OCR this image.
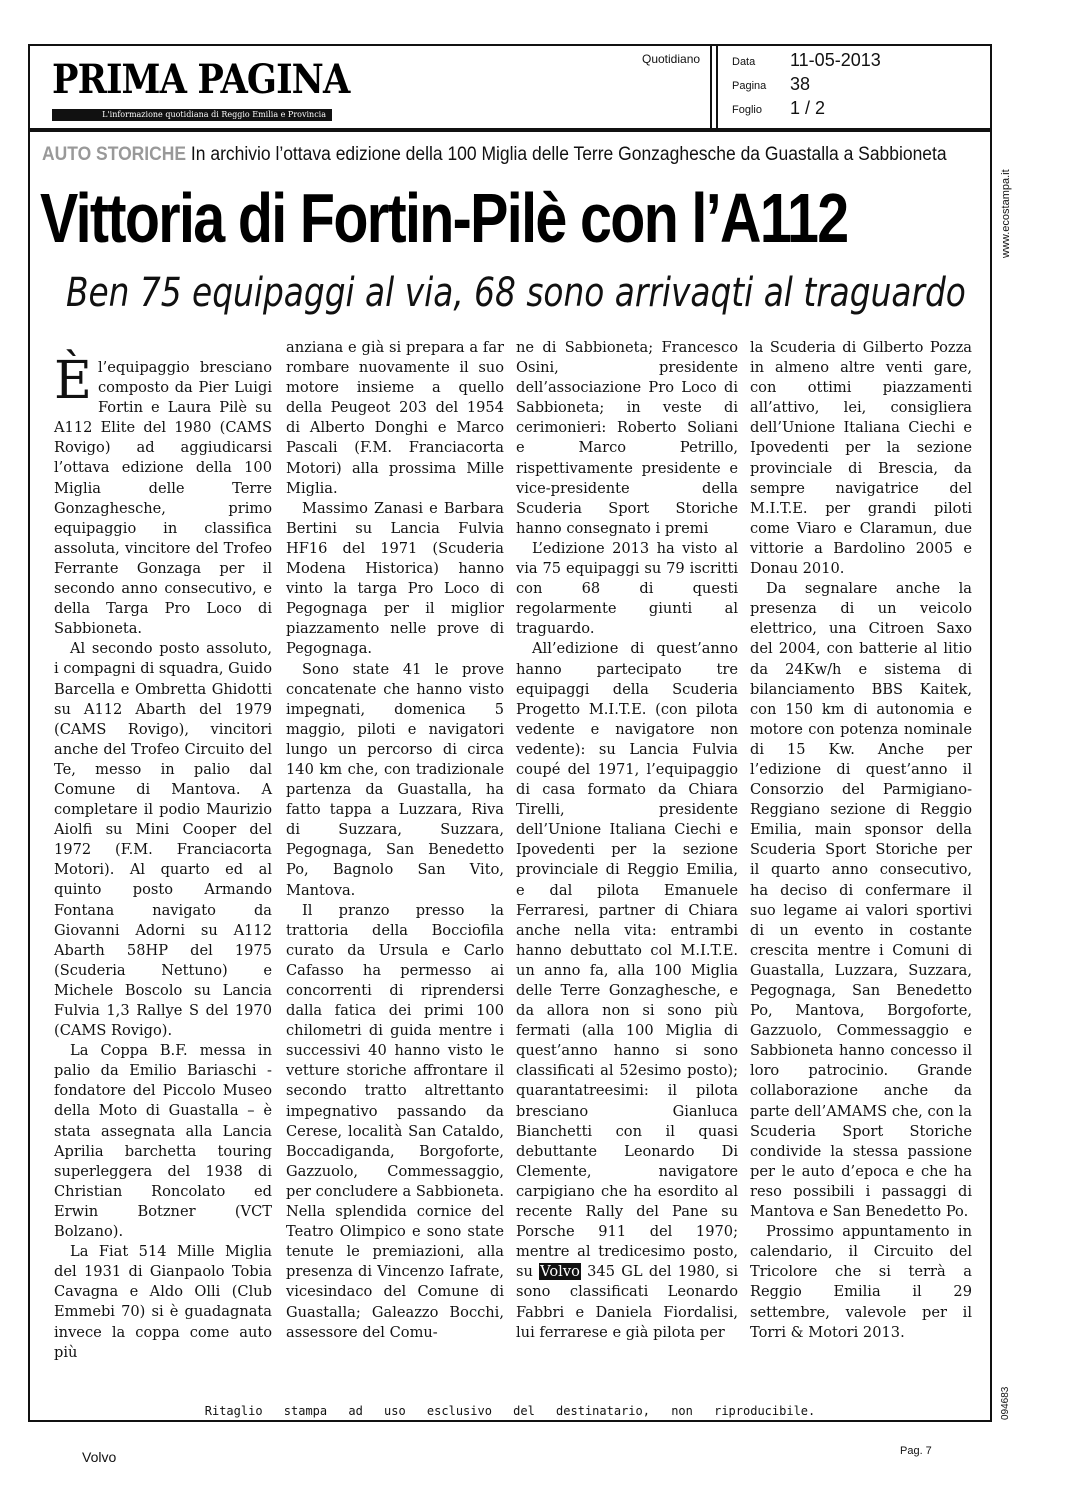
PRIMA PAGINA
L'informazione quotidiana di Reggio Emilia e Provincia
Quotidiano	Data 11-05-2013
Pagina 38
Foglio 1 / 2
AUTO STORICHE In archivio l’ottava edizione della 100 Miglia delle Terre Gonzaghesche da Guastalla a Sabbioneta
Vittoria di Fortin-Pilè con l’A112
Ben 75 equipaggi al via, 68 sono arrivaqti al traguardo

Èl’equipaggio bresciano composto da Pier Luigi Fortin e Laura Pilè su A112 Elite del 1980 (CAMS Rovigo) ad aggiudicarsi l’ottava edizione della 100 Miglia delle Terre Gonzaghesche, primo equipaggio in classifica assoluta, vincitore del Trofeo Ferrante Gonzaga per il secondo anno consecutivo, e della Targa Pro Loco di Sabbioneta.

Al secondo posto assoluto, i compagni di squadra, Guido Barcella e Ombretta Ghidotti su A112 Abarth del 1979 (CAMS Rovigo), vincitori anche del Trofeo Circuito del Te, messo in palio dal Comune di Mantova. A completare il podio Maurizio Aiolfi su Mini Cooper del 1972 (F.M. Franciacorta Motori). Al quarto ed al quinto posto Armando Fontana navigato da Giovanni Adorni su A112 Abarth 58HP del 1975 (Scuderia Nettuno) e Michele Boscolo su Lancia Fulvia 1,3 Rallye S del 1970 (CAMS Rovigo).

La Coppa B.F. messa in palio da Emilio Bariaschi - fondatore del Piccolo Museo della Moto di Guastalla – è stata assegnata alla Lancia Aprilia barchetta touring superleggera del 1938 di Christian Roncolato ed Erwin Botzner (VCT Bolzano).

La Fiat 514 Mille Miglia del 1931 di Gianpaolo Tobia Cavagna e Aldo Olli (Club Emmebi 70) si è guadagnata invece la coppa come auto più

anziana e già si prepara a far rombare nuovamente il suo motore insieme a quello della Peugeot 203 del 1954 di Alberto Donghi e Marco Pascali (F.M. Franciacorta Motori) alla prossima Mille Miglia.

Massimo Zanasi e Barbara Bertini su Lancia Fulvia HF16 del 1971 (Scuderia Modena Historica) hanno vinto la targa Pro Loco di Pegognaga per il miglior piazzamento nelle prove di Pegognaga.

Sono state 41 le prove concatenate che hanno visto impegnati, domenica 5 maggio, piloti e navigatori lungo un percorso di circa 140 km che, con tradizionale partenza da Guastalla, ha fatto tappa a Luzzara, Riva di Suzzara, Suzzara, Pegognaga, San Benedetto Po, Bagnolo San Vito, Mantova.

Il pranzo presso la trattoria della Bocciofila curato da Ursula e Carlo Cafasso ha permesso ai concorrenti di riprendersi dalla fatica dei primi 100 chilometri di guida mentre i successivi 40 hanno visto le vetture storiche affrontare il secondo tratto altrettanto impegnativo passando da Cerese, località San Cataldo, Boccadiganda, Borgoforte, Gazzuolo, Commessaggio, per concludere a Sabbioneta. Nella splendida cornice del Teatro Olimpico e sono state tenute le premiazioni, alla presenza di Vincenzo Iafrate, vicesindaco del Comune di Guastalla; Galeazzo Bocchi, assessore del Comu-

ne di Sabbioneta; Francesco Osini, presidente dell’associazione Pro Loco di Sabbioneta; in veste di cerimonieri: Roberto Soliani e Marco Petrillo, rispettivamente presidente e vice-presidente della Scuderia Sport Storiche hanno consegnato i premi

L’edizione 2013 ha visto al via 75 equipaggi su 79 iscritti con 68 di questi regolarmente giunti al traguardo.

All’edizione di quest’anno hanno partecipato tre equipaggi della Scuderia Progetto M.I.T.E. (con pilota vedente e navigatore non vedente): su Lancia Fulvia coupé del 1971, l’equipaggio di casa formato da Chiara Tirelli, presidente dell’Unione Italiana Ciechi e Ipovedenti per la sezione provinciale di Reggio Emilia, e dal pilota Emanuele Ferraresi, partner di Chiara anche nella vita: entrambi hanno debuttato col M.I.T.E. un anno fa, alla 100 Miglia delle Terre Gonzaghesche, e da allora non si sono più fermati (alla 100 Miglia di quest’anno hanno si sono classificati al 52esimo posto); quarantatreesimi: il pilota bresciano Gianluca Bianchetti con il quasi debuttante Leonardo Di Clemente, navigatore carpigiano che ha esordito al recente Rally del Pane su Porsche 911 del 1970; mentre al tredicesimo posto, su Volvo 345 GL del 1980, si sono classificati Leonardo Fabbri e Daniela Fiordalisi, lui ferrarese e già pilota per

la Scuderia di Gilberto Pozza in almeno altre venti gare, con ottimi piazzamenti all’attivo, lei, consigliera dell’Unione Italiana Ciechi e Ipovedenti per la sezione provinciale di Brescia, da sempre navigatrice del M.I.T.E. per grandi piloti come Viaro e Claramun, due vittorie a Bardolino 2005 e Donau 2010.

Da segnalare anche la presenza di un veicolo elettrico, una Citroen Saxo del 2004, con batterie al litio da 24Kw/h e sistema di bilanciamento BBS Kaitek, con 150 km di autonomia e motore con potenza nominale di 15 Kw. Anche per l’edizione di quest’anno il Consorzio del Parmigiano-Reggiano sezione di Reggio Emilia, main sponsor della Scuderia Sport Storiche per il quarto anno consecutivo, ha deciso di confermare il suo legame ai valori sportivi di un evento in costante crescita mentre i Comuni di Guastalla, Luzzara, Suzzara, Pegognaga, San Benedetto Po, Mantova, Borgoforte, Gazzuolo, Commessaggio e Sabbioneta hanno concesso il loro patrocinio. Grande collaborazione anche da parte dell’AMAMS che, con la Scuderia Sport Storiche condivide la stessa passione per le auto d’epoca e che ha reso possibili i passaggi di Mantova e San Benedetto Po.

Prossimo appuntamento in calendario, il Circuito del Tricolore che si terrà a Reggio Emilia il 29 settembre, valevole per il Torri & Motori 2013.

www.ecostampa.it
094683
Ritaglio stampa ad uso esclusivo del destinatario, non riproducibile.
Volvo	Pag. 7
